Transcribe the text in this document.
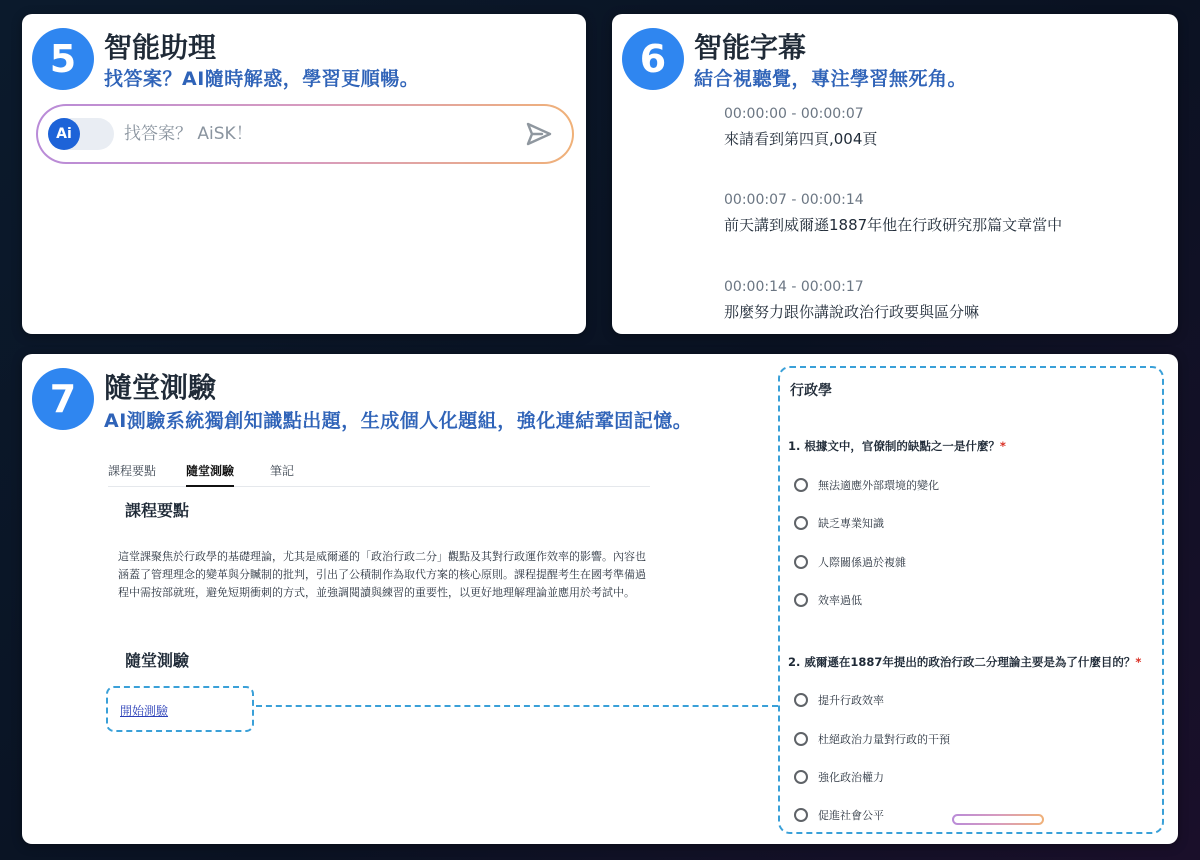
5 智能助理
找答案？AI隨時解惑，學習更順暢。
Ai
找答案？ AiSK！
6 智能字幕
結合視聽覺，專注學習無死角。
00:00:00 - 00:00:07
來請看到第四頁,004頁
00:00:07 - 00:00:14
前天講到威爾遜1887年他在行政研究那篇文章當中
00:00:14 - 00:00:17
那麼努力跟你講說政治行政要與區分嘛
7 隨堂測驗
AI測驗系統獨創知識點出題，生成個人化題組，強化連結鞏固記憶。
課程要點 隨堂測驗	筆記
課程要點
這堂課聚焦於行政學的基礎理論，尤其是威爾遜的「政治行政二分」觀點及其對行政運作效率的影響。內容也涵蓋了管理理念的變革與分贓制的批判，引出了公積制作為取代方案的核心原則。課程提醒考生在國考準備過程中需按部就班，避免短期衝刺的方式，並強調閱讀與練習的重要性，以更好地理解理論並應用於考試中。
隨堂測驗
開始測驗
行政學
1. 根據文中，官僚制的缺點之一是什麼？*
無法適應外部環境的變化
缺乏專業知識
人際關係過於複雜
效率過低
2. 威爾遜在1887年提出的政治行政二分理論主要是為了什麼目的？*
提升行政效率
杜絕政治力量對行政的干預
強化政治權力
促進社會公平
